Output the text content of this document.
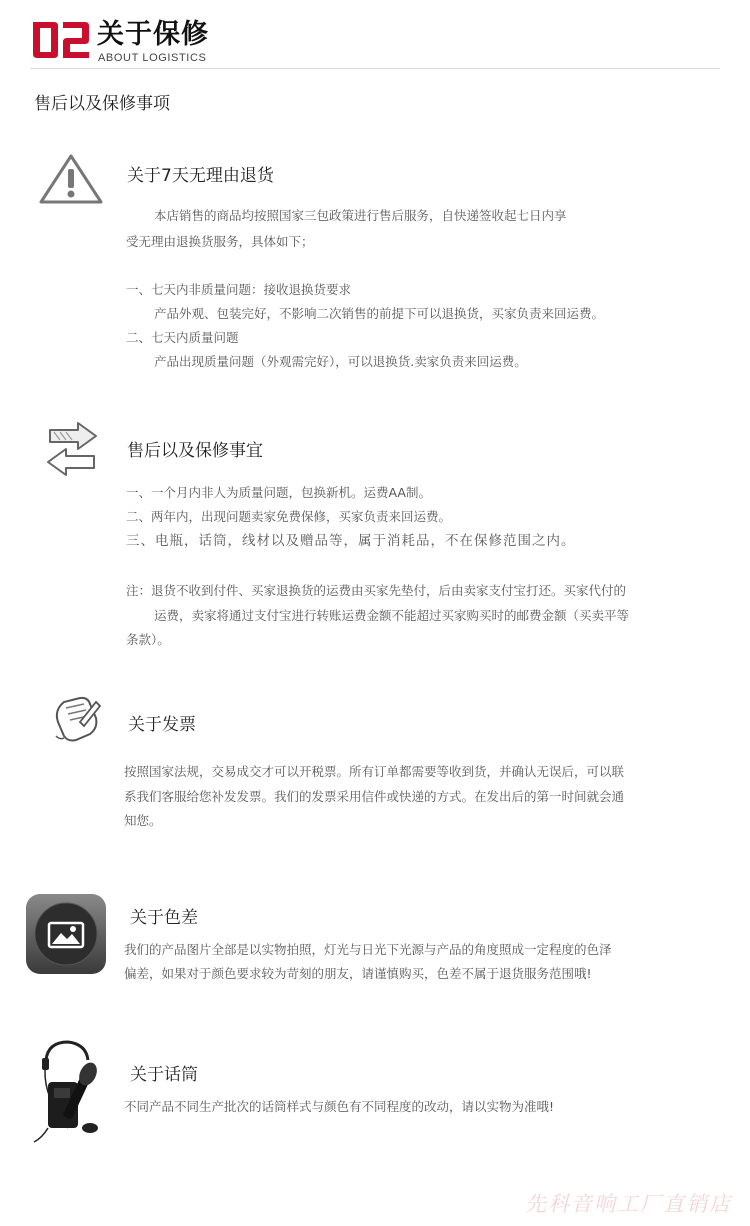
关于保修
ABOUT LOGISTICS
售后以及保修事项
关于7天无理由退货
本店销售的商品均按照国家三包政策进行售后服务，自快递签收起七日内享
受无理由退换货服务，具体如下；
一、七天内非质量问题：接收退换货要求
产品外观、包装完好，不影响二次销售的前提下可以退换货，买家负责来回运费。
二、七天内质量问题
产品出现质量问题（外观需完好），可以退换货.卖家负责来回运费。
售后以及保修事宜
一、一个月内非人为质量问题，包换新机。运费AA制。
二、两年内，出现问题卖家免费保修，买家负责来回运费。
三、电瓶，话筒，线材以及赠品等，属于消耗品，不在保修范围之内。
注：退货不收到付件、买家退换货的运费由买家先垫付，后由卖家支付宝打还。买家代付的
运费，卖家将通过支付宝进行转账运费金额不能超过买家购买时的邮费金额（买卖平等
条款）。
关于发票
按照国家法规，交易成交才可以开税票。所有订单都需要等收到货，并确认无误后，可以联
系我们客服给您补发发票。我们的发票采用信件或快递的方式。在发出后的第一时间就会通
知您。
关于色差
我们的产品图片全部是以实物拍照，灯光与日光下光源与产品的角度照成一定程度的色泽
偏差，如果对于颜色要求较为苛刻的朋友，请谨慎购买，色差不属于退货服务范围哦!
关于话筒
不同产品不同生产批次的话筒样式与颜色有不同程度的改动，请以实物为准哦!
先科音响工厂直销店
